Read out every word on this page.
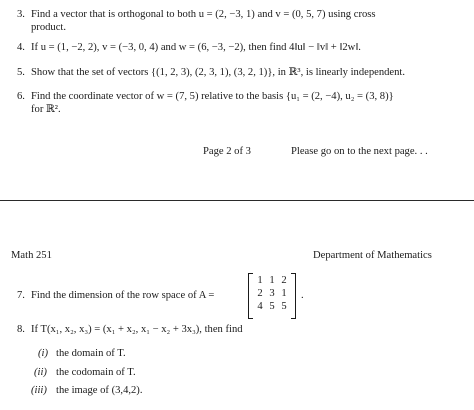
3. Find a vector that is orthogonal to both u = (2, −3, 1) and v = (0, 5, 7) using cross
product.
4. If u = (1, −2, 2), v = (−3, 0, 4) and w = (6, −3, −2), then find 4‖u‖ − ‖v‖ + ‖2w‖.
5. Show that the set of vectors {(1, 2, 3), (2, 3, 1), (3, 2, 1)}, in ℝ³, is linearly independent.
6. Find the coordinate vector of w = (7, 5) relative to the basis {u₁ = (2, −4), u₂ = (3, 8)}
for ℝ².
Page 2 of 3	Please go on to the next page. . .
Math 251	Department of Mathematics
7. Find the dimension of the row space of A =
1	1	2
2	3	1
4	5	5
.
8. If T(x₁, x₂, x₃) = (x₁ + x₂, x₁ − x₂ + 3x₃), then find
(i) the domain of T.
(ii) the codomain of T.
(iii) the image of (3,4,2).
